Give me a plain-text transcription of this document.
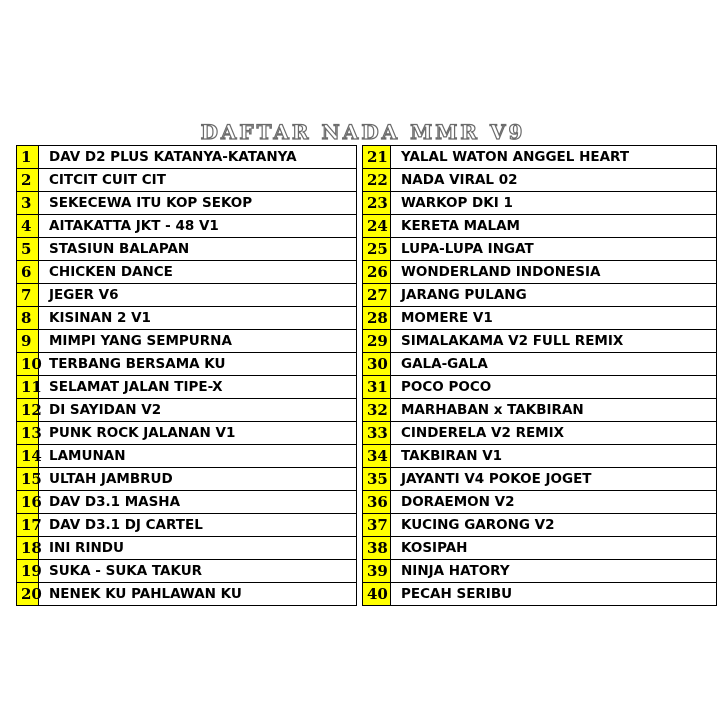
DAFTAR NADA MMR V9
1	DAV D2 PLUS KATANYA-KATANYA		21	YALAL WATON ANGGEL HEART
2	CITCIT CUIT CIT		22	NADA VIRAL 02
3	SEKECEWA ITU KOP SEKOP		23	WARKOP DKI 1
4	AITAKATTA JKT - 48 V1		24	KERETA MALAM
5	STASIUN BALAPAN		25	LUPA-LUPA INGAT
6	CHICKEN DANCE		26	WONDERLAND INDONESIA
7	JEGER V6		27	JARANG PULANG
8	KISINAN 2 V1		28	MOMERE V1
9	MIMPI YANG SEMPURNA		29	SIMALAKAMA V2 FULL REMIX
10	TERBANG BERSAMA KU		30	GALA-GALA
11	SELAMAT JALAN TIPE-X		31	POCO POCO
12	DI SAYIDAN V2		32	MARHABAN x TAKBIRAN
13	PUNK ROCK JALANAN V1		33	CINDERELA V2 REMIX
14	LAMUNAN		34	TAKBIRAN V1
15	ULTAH JAMBRUD		35	JAYANTI V4 POKOE JOGET
16	DAV D3.1 MASHA		36	DORAEMON V2
17	DAV D3.1 DJ CARTEL		37	KUCING GARONG V2
18	INI RINDU		38	KOSIPAH
19	SUKA - SUKA TAKUR		39	NINJA HATORY
20	NENEK KU PAHLAWAN KU		40	PECAH SERIBU
